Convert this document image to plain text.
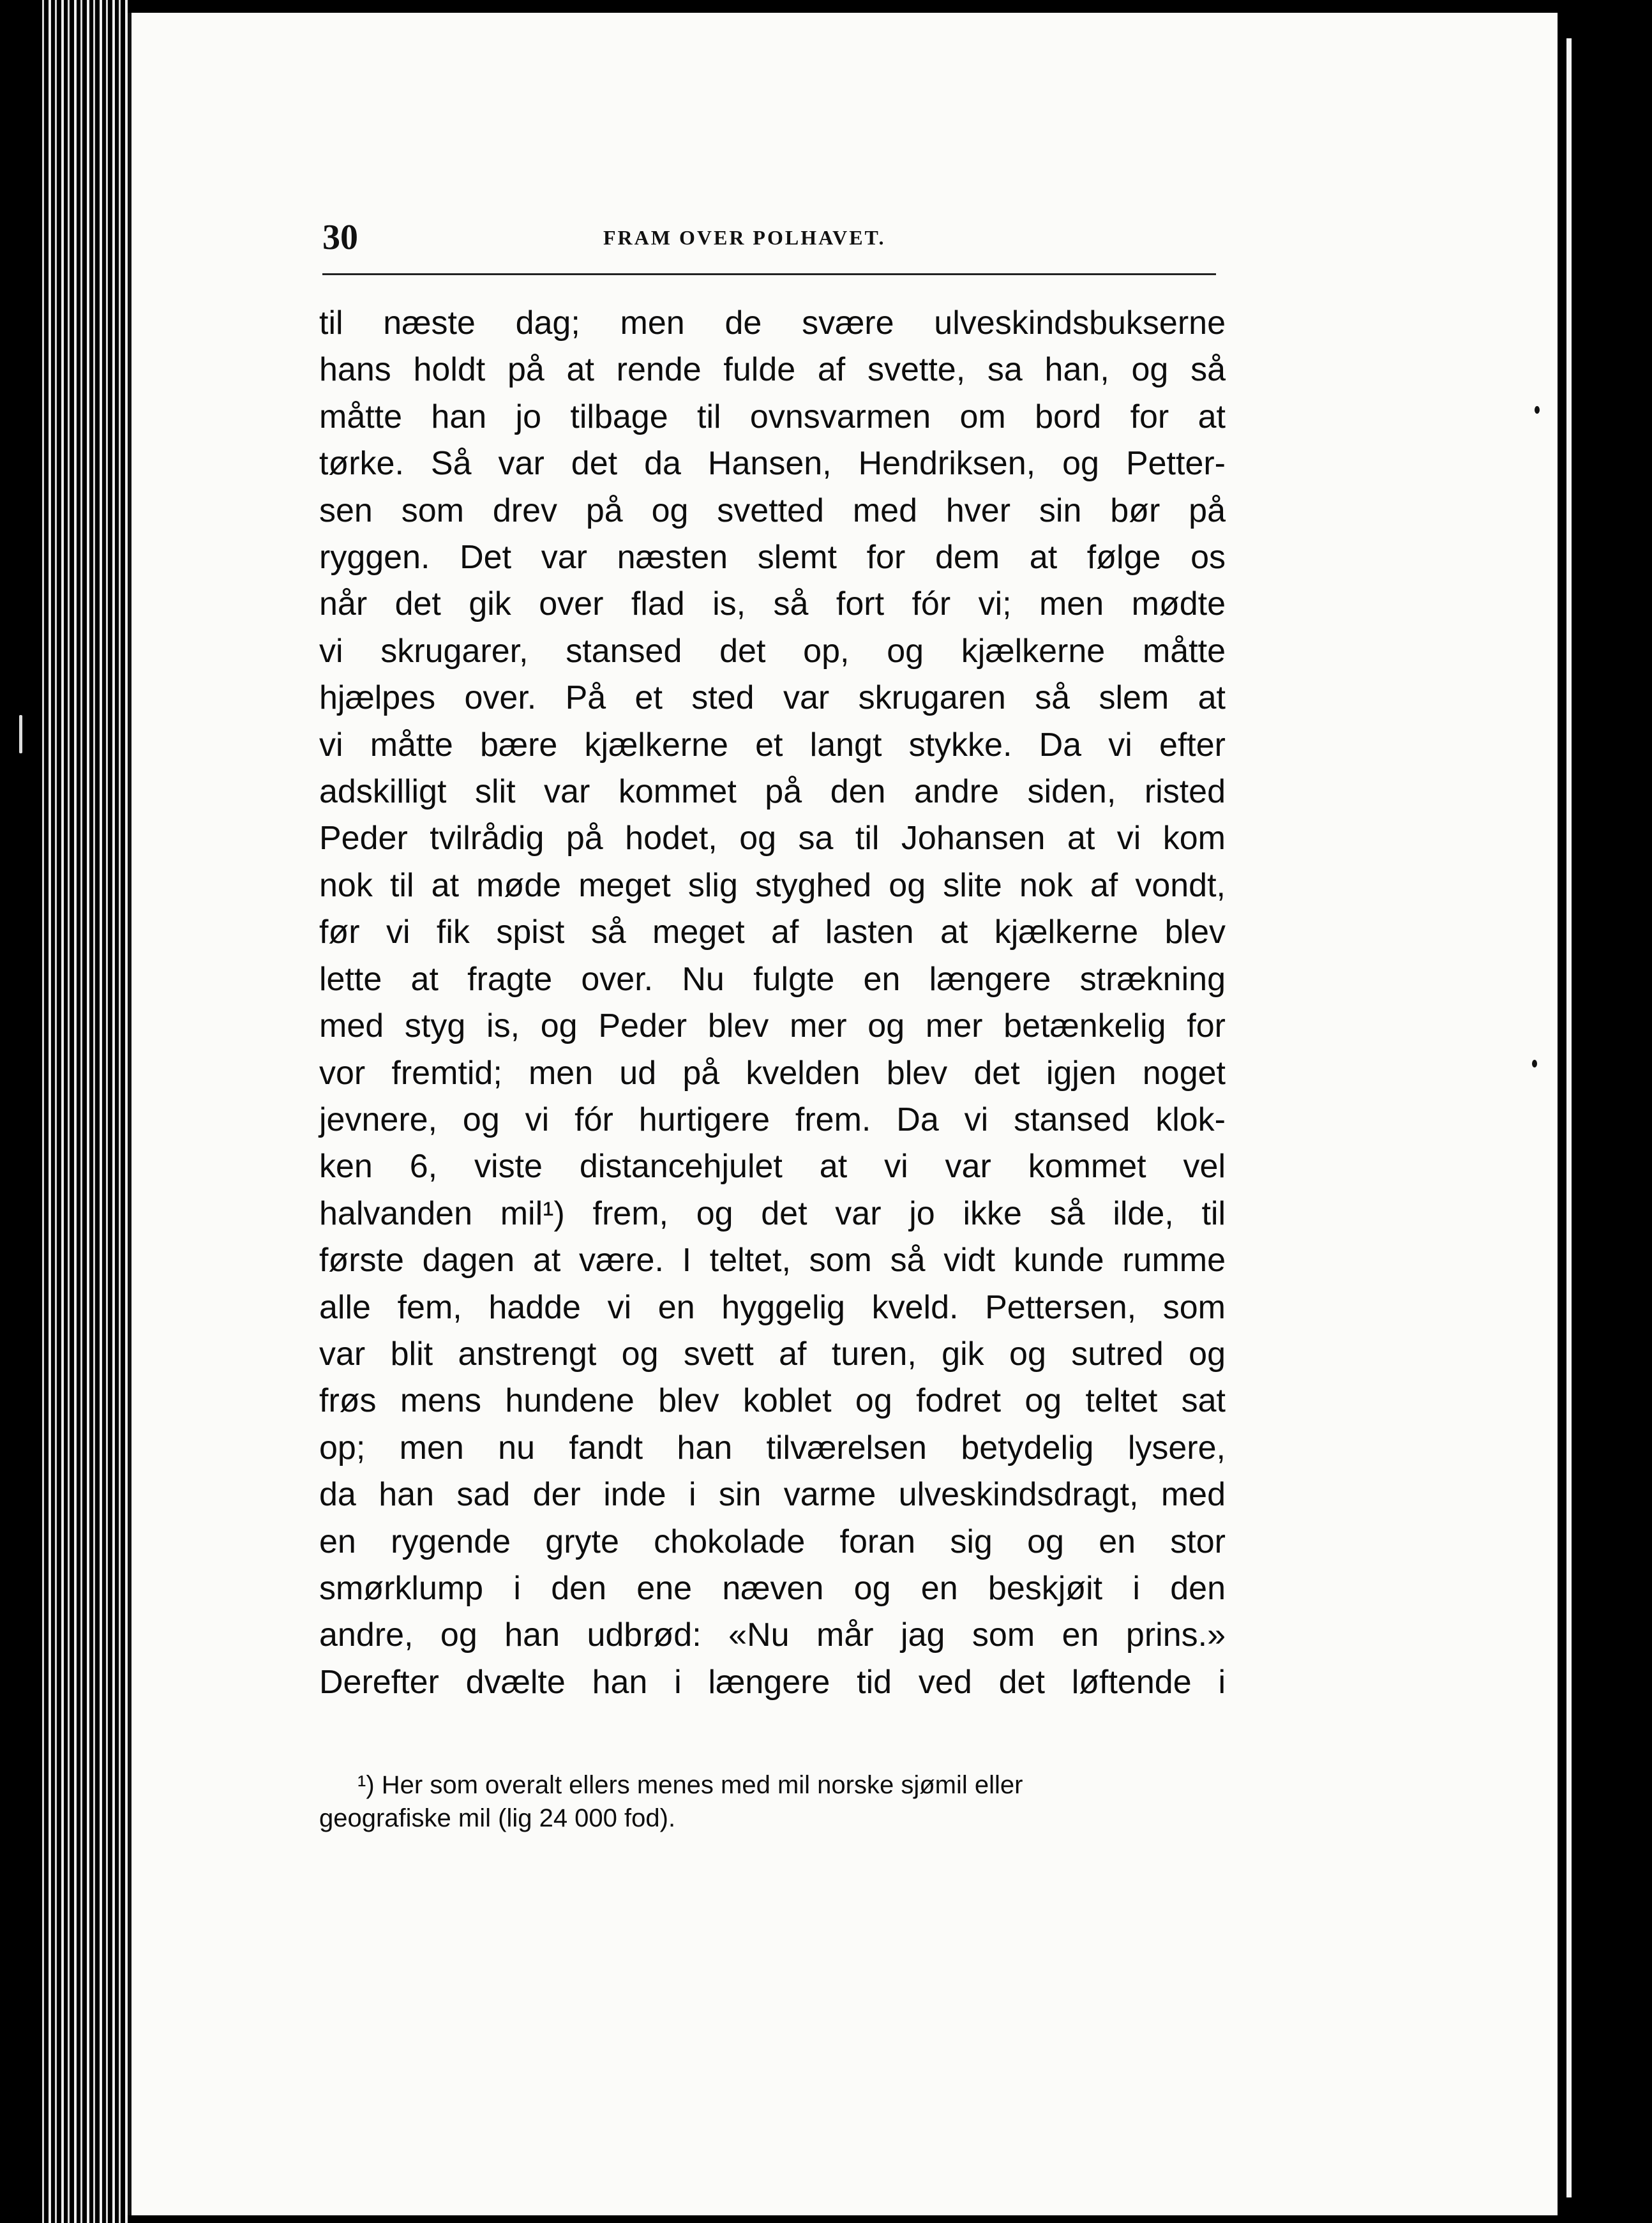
30	FRAM OVER POLHAVET.
til næste dag; men de svære ulveskindsbukserne
hans holdt på at rende fulde af svette, sa han, og så
måtte han jo tilbage til ovnsvarmen om bord for at
tørke. Så var det da Hansen, Hendriksen, og Petter-
sen som drev på og svetted med hver sin bør på
ryggen. Det var næsten slemt for dem at følge os
når det gik over flad is, så fort fór vi; men mødte
vi skrugarer, stansed det op, og kjælkerne måtte
hjælpes over. På et sted var skrugaren så slem at
vi måtte bære kjælkerne et langt stykke. Da vi efter
adskilligt slit var kommet på den andre siden, risted
Peder tvilrådig på hodet, og sa til Johansen at vi kom
nok til at møde meget slig styghed og slite nok af vondt,
før vi fik spist så meget af lasten at kjælkerne blev
lette at fragte over. Nu fulgte en længere strækning
med styg is, og Peder blev mer og mer betænkelig for
vor fremtid; men ud på kvelden blev det igjen noget
jevnere, og vi fór hurtigere frem. Da vi stansed klok-
ken 6, viste distancehjulet at vi var kommet vel
halvanden mil¹) frem, og det var jo ikke så ilde, til
første dagen at være. I teltet, som så vidt kunde rumme
alle fem, hadde vi en hyggelig kveld. Pettersen, som
var blit anstrengt og svett af turen, gik og sutred og
frøs mens hundene blev koblet og fodret og teltet sat
op; men nu fandt han tilværelsen betydelig lysere,
da han sad der inde i sin varme ulveskindsdragt, med
en rygende gryte chokolade foran sig og en stor
smørklump i den ene næven og en beskjøit i den
andre, og han udbrød: «Nu mår jag som en prins.»
Derefter dvælte han i længere tid ved det løftende i
¹) Her som overalt ellers menes med mil norske sjømil eller
geografiske mil (lig 24 000 fod).
